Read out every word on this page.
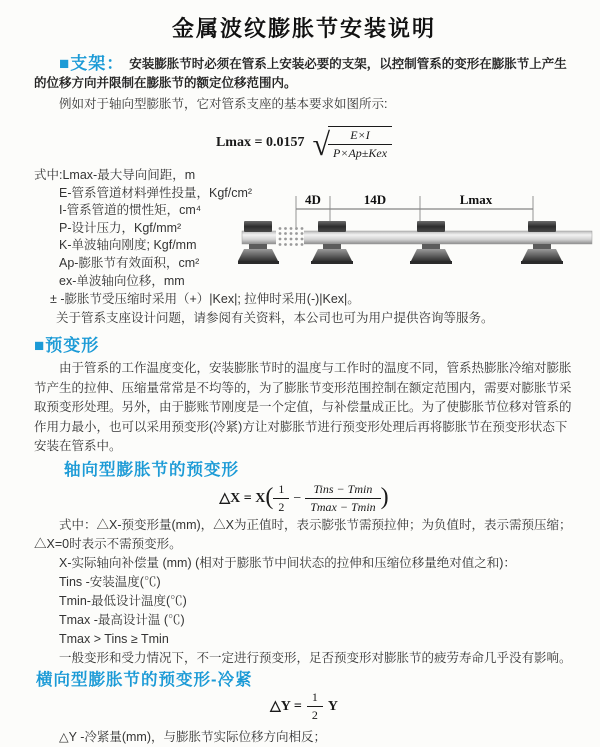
金属波纹膨胀节安装说明

■支架： 安装膨胀节时必须在管系上安装必要的支架，以控制管系的变形在膨胀节上产生的位移方向并限制在膨胀节的额定位移范围内。

例如对于轴向型膨胀节，它对管系支座的基本要求如图所示:

Lmax = 0.0157 √
$\frac{E\times I}{\text{P×Ap±Kex}}$
式中:Lmax-最大导向间距，m
E-管系管道材料弹性投量，Kgf/cm²
I-管系管道的惯性矩，cm⁴
P-设计压力，Kgf/mm²
K-单波轴向刚度; Kgf/mm
Ap-膨胀节有效面积，cm²
ex-单波轴向位移，mm
± -膨胀节受压缩时采用（+）|Kex|; 拉伸时采用(-)|Kex|。
关于管系支座设计问题，请参阅有关资料，本公司也可为用户提供咨询等服务。
■预变形

由于管系的工作温度变化，安装膨胀节时的温度与工作时的温度不同，管系热膨胀冷缩对膨胀节产生的拉伸、压缩量常常是不均等的，为了膨胀节变形范围控制在额定范围内，需要对膨胀节采取预变形处理。另外，由于膨账节刚度是一个定值，与补偿量成正比。为了使膨胀节位移对管系的作用力最小，也可以采用预变形(冷紧)方让对膨胀节进行预变形处理后再将膨胀节在预变形状态下安装在管系中。

轴向型膨胀节的预变形
△X = X ( $\frac{1}{2} - \frac{\text{Tins − Tmin}}{Tmax - Tmin}$ )

式中：△X-预变形量(mm)，△X为正值时，表示膨张节需预拉伸；为负值时，表示需预压缩；△X=0时表示不需预变形。

X-实际轴向补偿量 (mm) (相对于膨胀节中间状态的拉伸和压缩位移量绝对值之和)：

Tins -安装温度(℃)

Tmin-最低设计温度(℃)

Tmax -最高设计温 (℃)

Tmax > Tins ≥ Tmin

一般变形和受力情况下，不一定进行预变形，足否预变形对膨胀节的疲劳寿命几乎没有影响。

横向型膨胀节的预变形-冷紧
△Y = $\frac{1}{2}$ Y

△Y -冷紧量(mm)，与膨胀节实际位移方向相反；

4D	14D	Lmax
